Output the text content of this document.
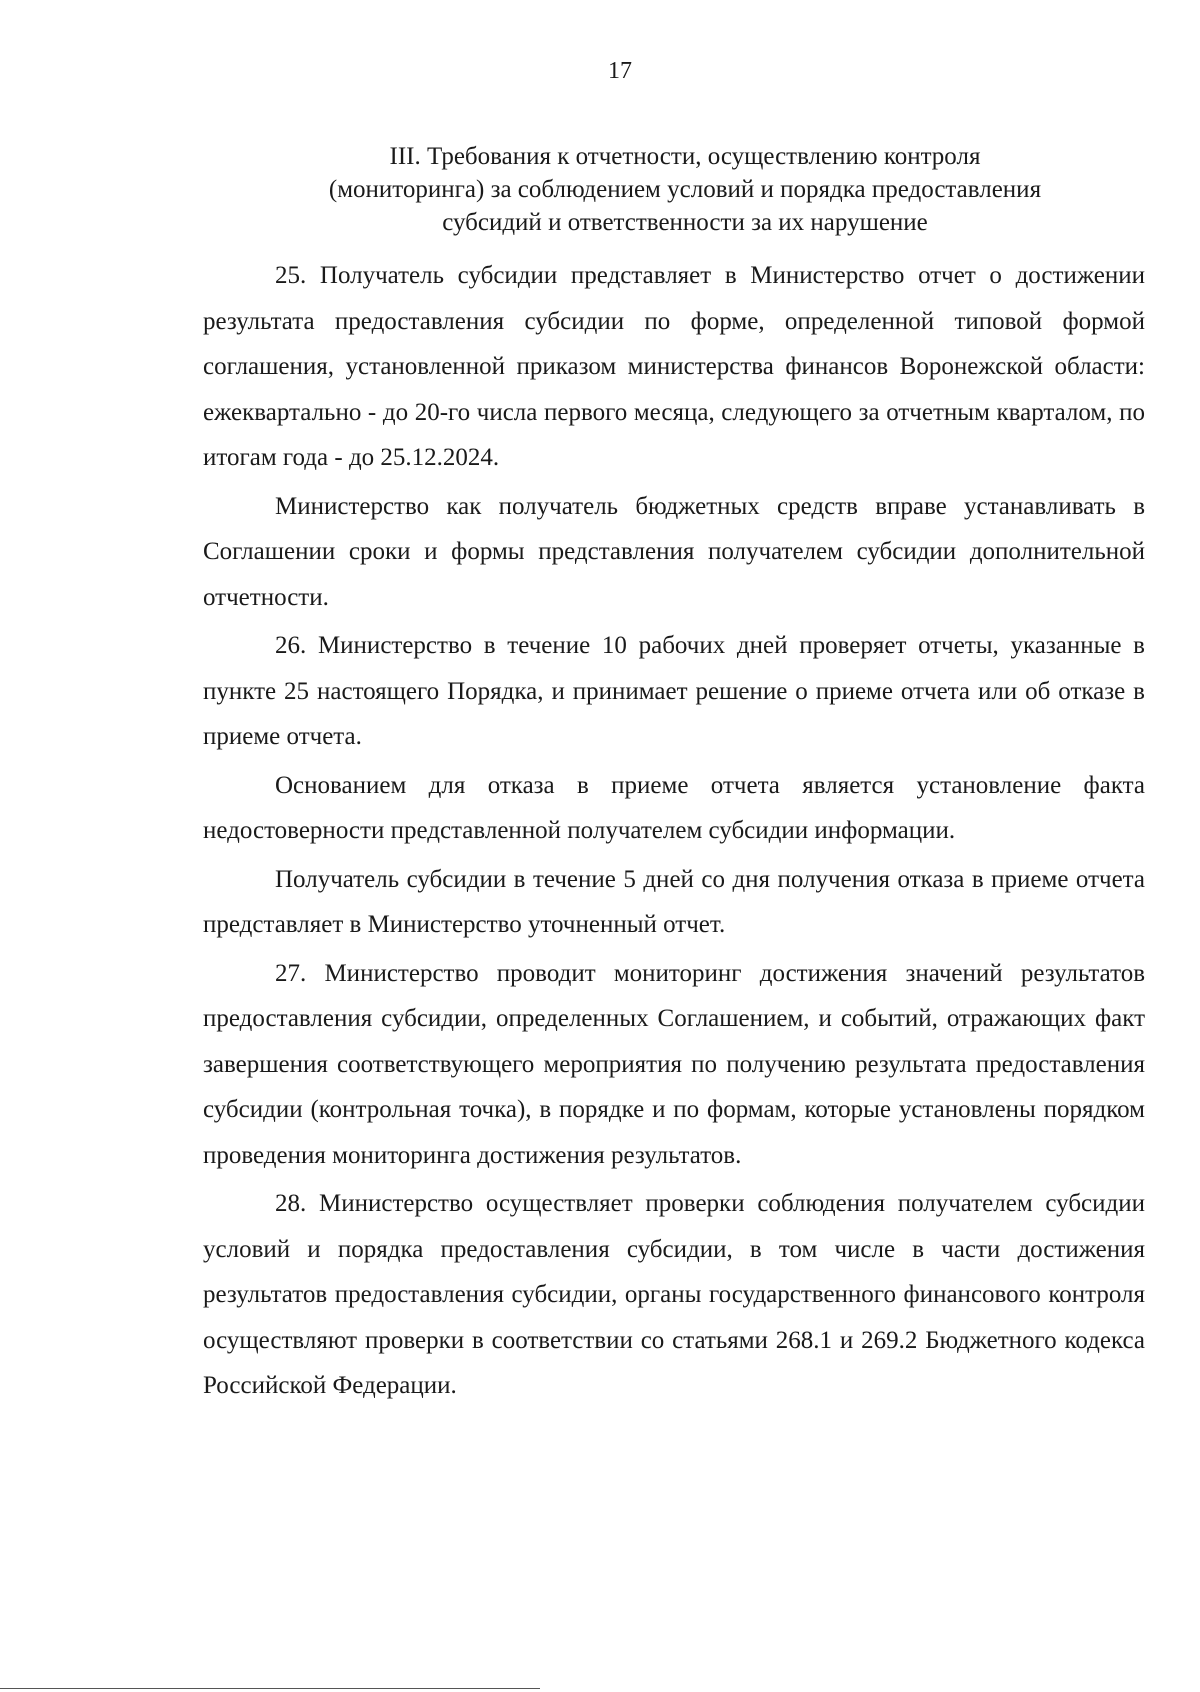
17
III. Требования к отчетности, осуществлению контроля
(мониторинга) за соблюдением условий и порядка предоставления
субсидий и ответственности за их нарушение

25. Получатель субсидии представляет в Министерство отчет о достижении результата предоставления субсидии по форме, определенной типовой формой соглашения, установленной приказом министерства финансов Воронежской области: ежеквартально - до 20-го числа первого месяца, следующего за отчетным кварталом, по итогам года - до 25.12.2024.

Министерство как получатель бюджетных средств вправе устанавливать в Соглашении сроки и формы представления получателем субсидии дополнительной отчетности.

26. Министерство в течение 10 рабочих дней проверяет отчеты, указанные в пункте 25 настоящего Порядка, и принимает решение о приеме отчета или об отказе в приеме отчета.

Основанием для отказа в приеме отчета является установление факта недостоверности представленной получателем субсидии информации.

Получатель субсидии в течение 5 дней со дня получения отказа в приеме отчета представляет в Министерство уточненный отчет.

27. Министерство проводит мониторинг достижения значений результатов предоставления субсидии, определенных Соглашением, и событий, отражающих факт завершения соответствующего мероприятия по получению результата предоставления субсидии (контрольная точка), в порядке и по формам, которые установлены порядком проведения мониторинга достижения результатов.

28. Министерство осуществляет проверки соблюдения получателем субсидии условий и порядка предоставления субсидии, в том числе в части достижения результатов предоставления субсидии, органы государственного финансового контроля осуществляют проверки в соответствии со статьями 268.1 и 269.2 Бюджетного кодекса Российской Федерации.
